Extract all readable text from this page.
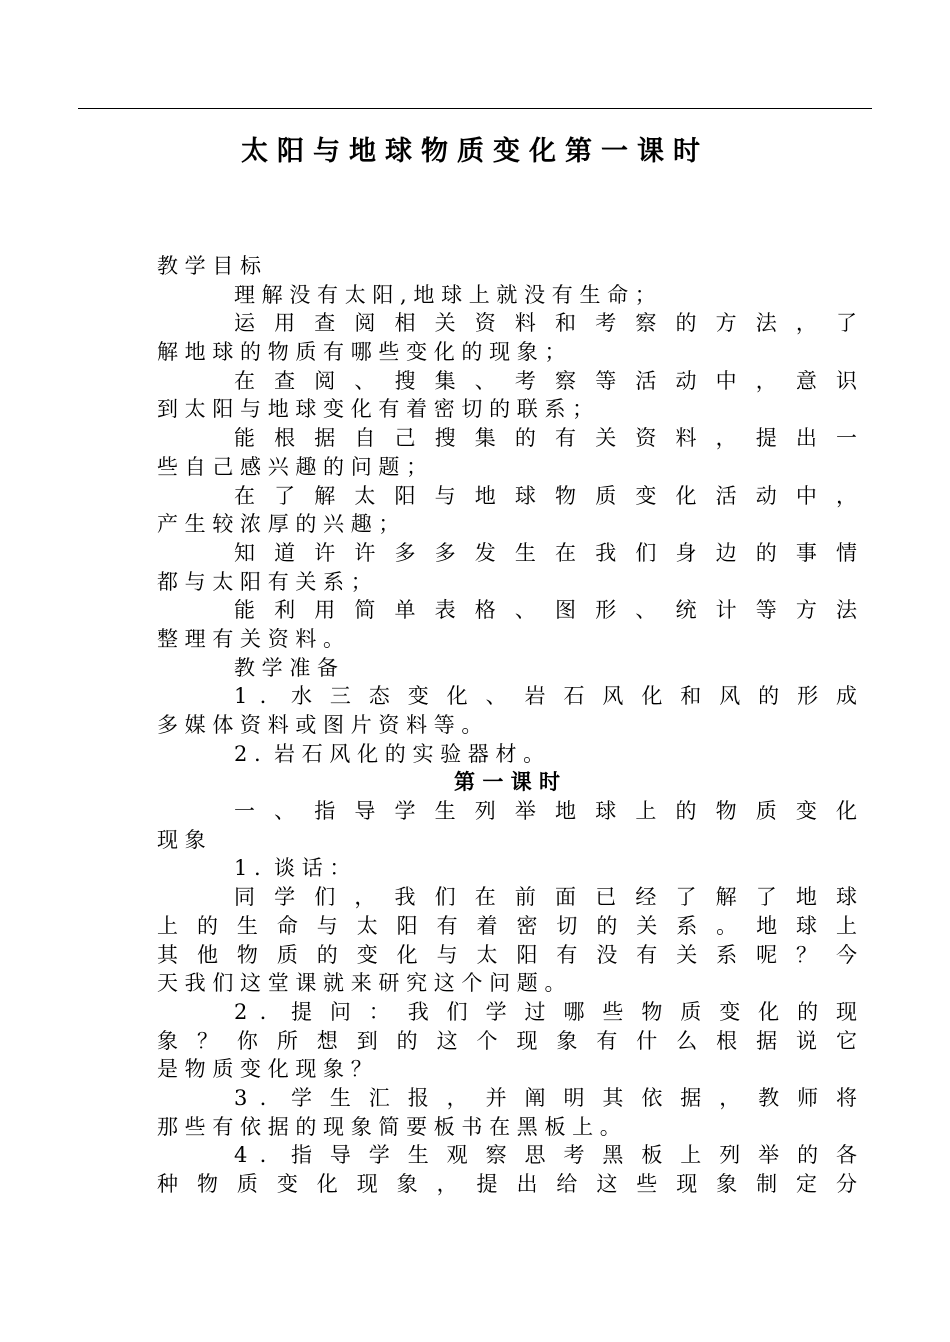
太阳与地球物质变化第一课时
教 学 目 标
理 解 没 有 太 阳 , 地 球 上 就 没 有 生 命 ；
运 用 查 阅 相 关 资 料 和 考 察 的 方 法 ， 了
解 地 球 的 物 质 有 哪 些 变 化 的 现 象 ；
在 查 阅 、 搜 集 、 考 察 等 活 动 中 ， 意 识
到 太 阳 与 地 球 变 化 有 着 密 切 的 联 系 ；
能 根 据 自 己 搜 集 的 有 关 资 料 ， 提 出 一
些 自 己 感 兴 趣 的 问 题 ；
在 了 解 太 阳 与 地 球 物 质 变 化 活 动 中 ，
产 生 较 浓 厚 的 兴 趣 ；
知 道 许 许 多 多 发 生 在 我 们 身 边 的 事 情
都 与 太 阳 有 关 系 ；
能 利 用 简 单 表 格 、 图 形 、 统 计 等 方 法
整 理 有 关 资 料 。
教 学 准 备
1 .  水 三 态 变 化 、 岩 石 风 化 和 风 的 形 成
多 媒 体 资 料 或 图 片 资 料 等 。
2 .  岩 石 风 化 的 实 验 器 材 。
第 一 课 时
一 、 指 导 学 生 列 举 地 球 上 的 物 质 变 化
现 象
1 .  谈 话 ：
同 学 们 ， 我 们 在 前 面 已 经 了 解 了 地 球
上 的 生 命 与 太 阳 有 着 密 切 的 关 系 。 地 球 上
其 他 物 质 的 变 化 与 太 阳 有 没 有 关 系 呢 ？ 今
天 我 们 这 堂 课 就 来 研 究 这 个 问 题 。
2 .  提 问 ： 我 们 学 过 哪 些 物 质 变 化 的 现
象 ？ 你 所 想 到 的 这 个 现 象 有 什 么 根 据 说 它
是 物 质 变 化 现 象 ？
3 .  学 生 汇 报 ， 并 阐 明 其 依 据 ， 教 师 将
那 些 有 依 据 的 现 象 简 要 板 书 在 黑 板 上 。
4 .  指 导 学 生 观 察 思 考 黑 板 上 列 举 的 各
种 物 质 变 化 现 象 ， 提 出 给 这 些 现 象 制 定 分
